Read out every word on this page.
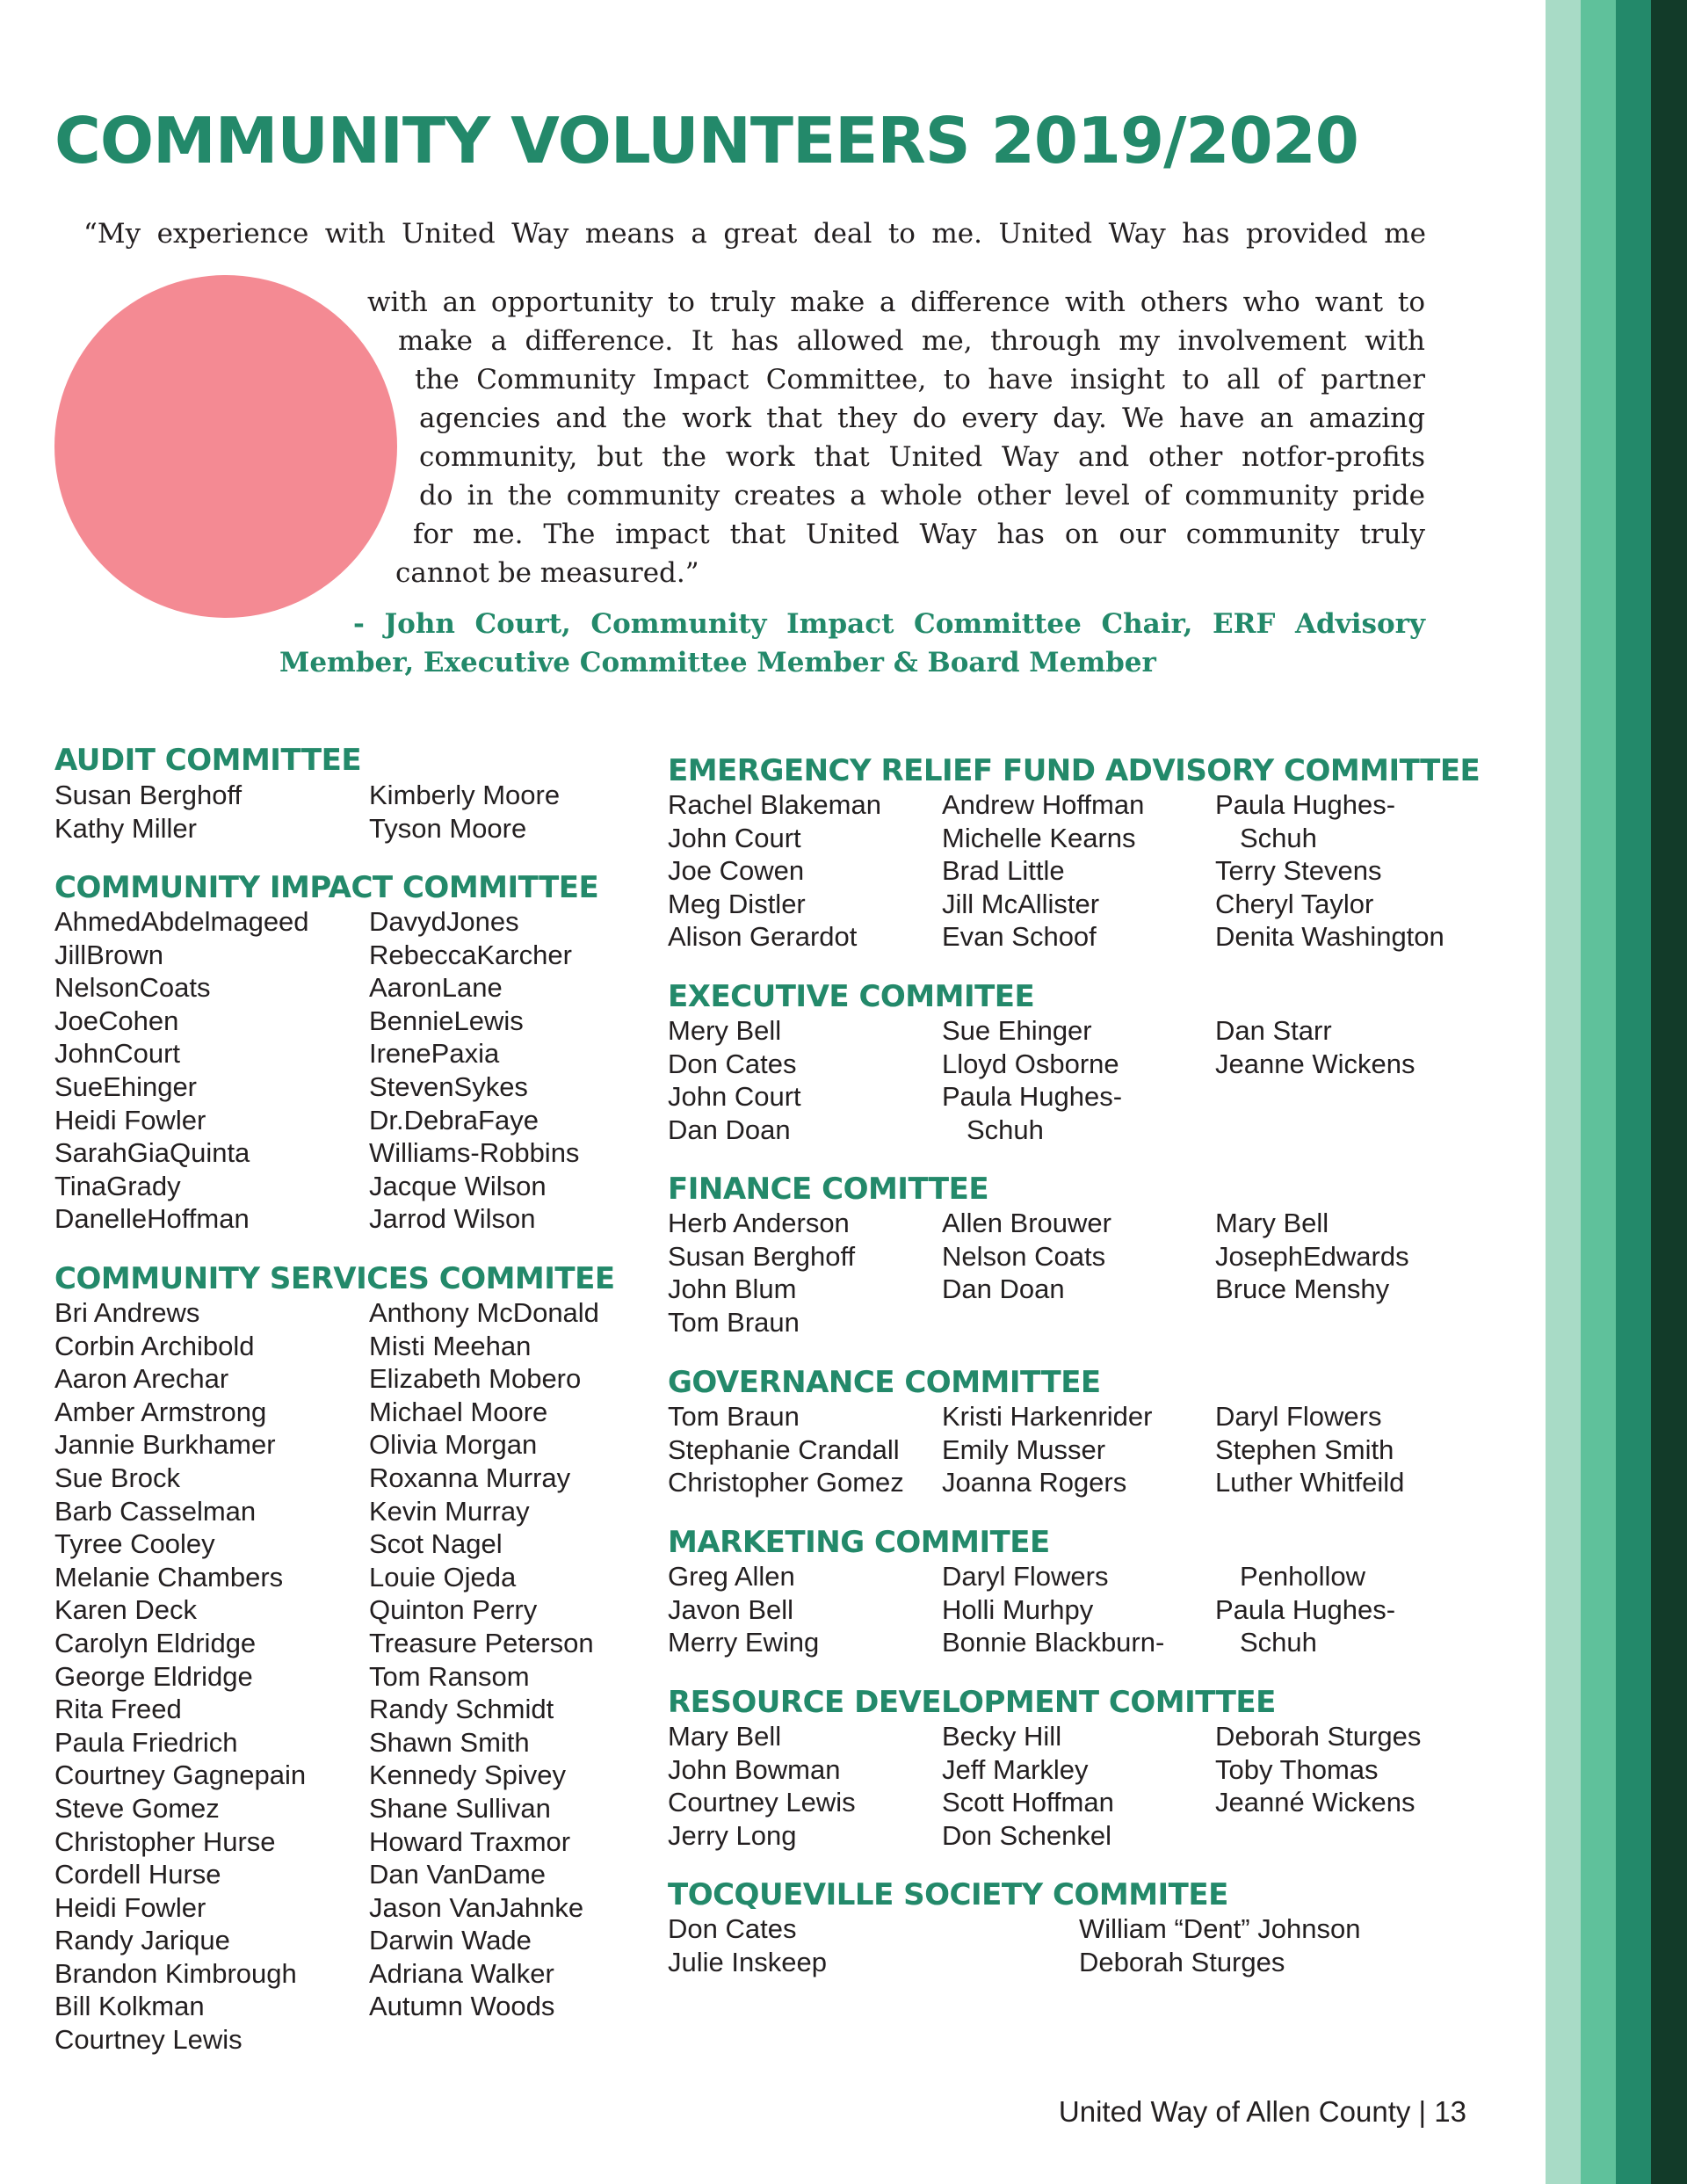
COMMUNITY VOLUNTEERS 2019/2020
“My experience with United Way means a great deal to me. United Way has provided me
with an opportunity to truly make a difference with others who want to
make a difference. It has allowed me, through my involvement with
the Community Impact Committee, to have insight to all of partner
agencies and the work that they do every day. We have an amazing
community, but the work that United Way and other notfor-profits
do in the community creates a whole other level of community pride
for me. The impact that United Way has on our community truly
cannot be measured.”
- John Court, Community Impact Committee Chair, ERF Advisory
Member, Executive Committee Member & Board Member
AUDIT COMMITTEE
Susan Berghoff
Kathy Miller
Kimberly Moore
Tyson Moore
COMMUNITY IMPACT COMMITTEE
AhmedAbdelmageed
JillBrown
NelsonCoats
JoeCohen
JohnCourt
SueEhinger
Heidi Fowler
SarahGiaQuinta
TinaGrady
DanelleHoffman
DavydJones
RebeccaKarcher
AaronLane
BennieLewis
IrenePaxia
StevenSykes
Dr.DebraFaye
Williams-Robbins
Jacque Wilson
Jarrod Wilson
COMMUNITY SERVICES COMMITEE
Bri Andrews
Corbin Archibold
Aaron Arechar
Amber Armstrong
Jannie Burkhamer
Sue Brock
Barb Casselman
Tyree Cooley
Melanie Chambers
Karen Deck
Carolyn Eldridge
George Eldridge
Rita Freed
Paula Friedrich
Courtney Gagnepain
Steve Gomez
Christopher Hurse
Cordell Hurse
Heidi Fowler
Randy Jarique
Brandon Kimbrough
Bill Kolkman
Courtney Lewis
Anthony McDonald
Misti Meehan
Elizabeth Mobero
Michael Moore
Olivia Morgan
Roxanna Murray
Kevin Murray
Scot Nagel
Louie Ojeda
Quinton Perry
Treasure Peterson
Tom Ransom
Randy Schmidt
Shawn Smith
Kennedy Spivey
Shane Sullivan
Howard Traxmor
Dan VanDame
Jason VanJahnke
Darwin Wade
Adriana Walker
Autumn Woods
EMERGENCY RELIEF FUND ADVISORY COMMITTEE
Rachel Blakeman
John Court
Joe Cowen
Meg Distler
Alison Gerardot
Andrew Hoffman
Michelle Kearns
Brad Little
Jill McAllister
Evan Schoof
Paula Hughes-
Schuh
Terry Stevens
Cheryl Taylor
Denita Washington
EXECUTIVE COMMITEE
Mery Bell
Don Cates
John Court
Dan Doan
Sue Ehinger
Lloyd Osborne
Paula Hughes-
Schuh
Dan Starr
Jeanne Wickens
FINANCE COMITTEE
Herb Anderson
Susan Berghoff
John Blum
Tom Braun
Allen Brouwer
Nelson Coats
Dan Doan
Mary Bell
JosephEdwards
Bruce Menshy
GOVERNANCE COMMITTEE
Tom Braun
Stephanie Crandall
Christopher Gomez
Kristi Harkenrider
Emily Musser
Joanna Rogers
Daryl Flowers
Stephen Smith
Luther Whitfeild
MARKETING COMMITEE
Greg Allen
Javon Bell
Merry Ewing
Daryl Flowers
Holli Murhpy
Bonnie Blackburn-
Penhollow
Paula Hughes-
Schuh
RESOURCE DEVELOPMENT COMITTEE
Mary Bell
John Bowman
Courtney Lewis
Jerry Long
Becky Hill
Jeff Markley
Scott Hoffman
Don Schenkel
Deborah Sturges
Toby Thomas
Jeanné Wickens
TOCQUEVILLE SOCIETY COMMITEE
Don Cates
Julie Inskeep
William “Dent” Johnson
Deborah Sturges
United Way of Allen County | 13
